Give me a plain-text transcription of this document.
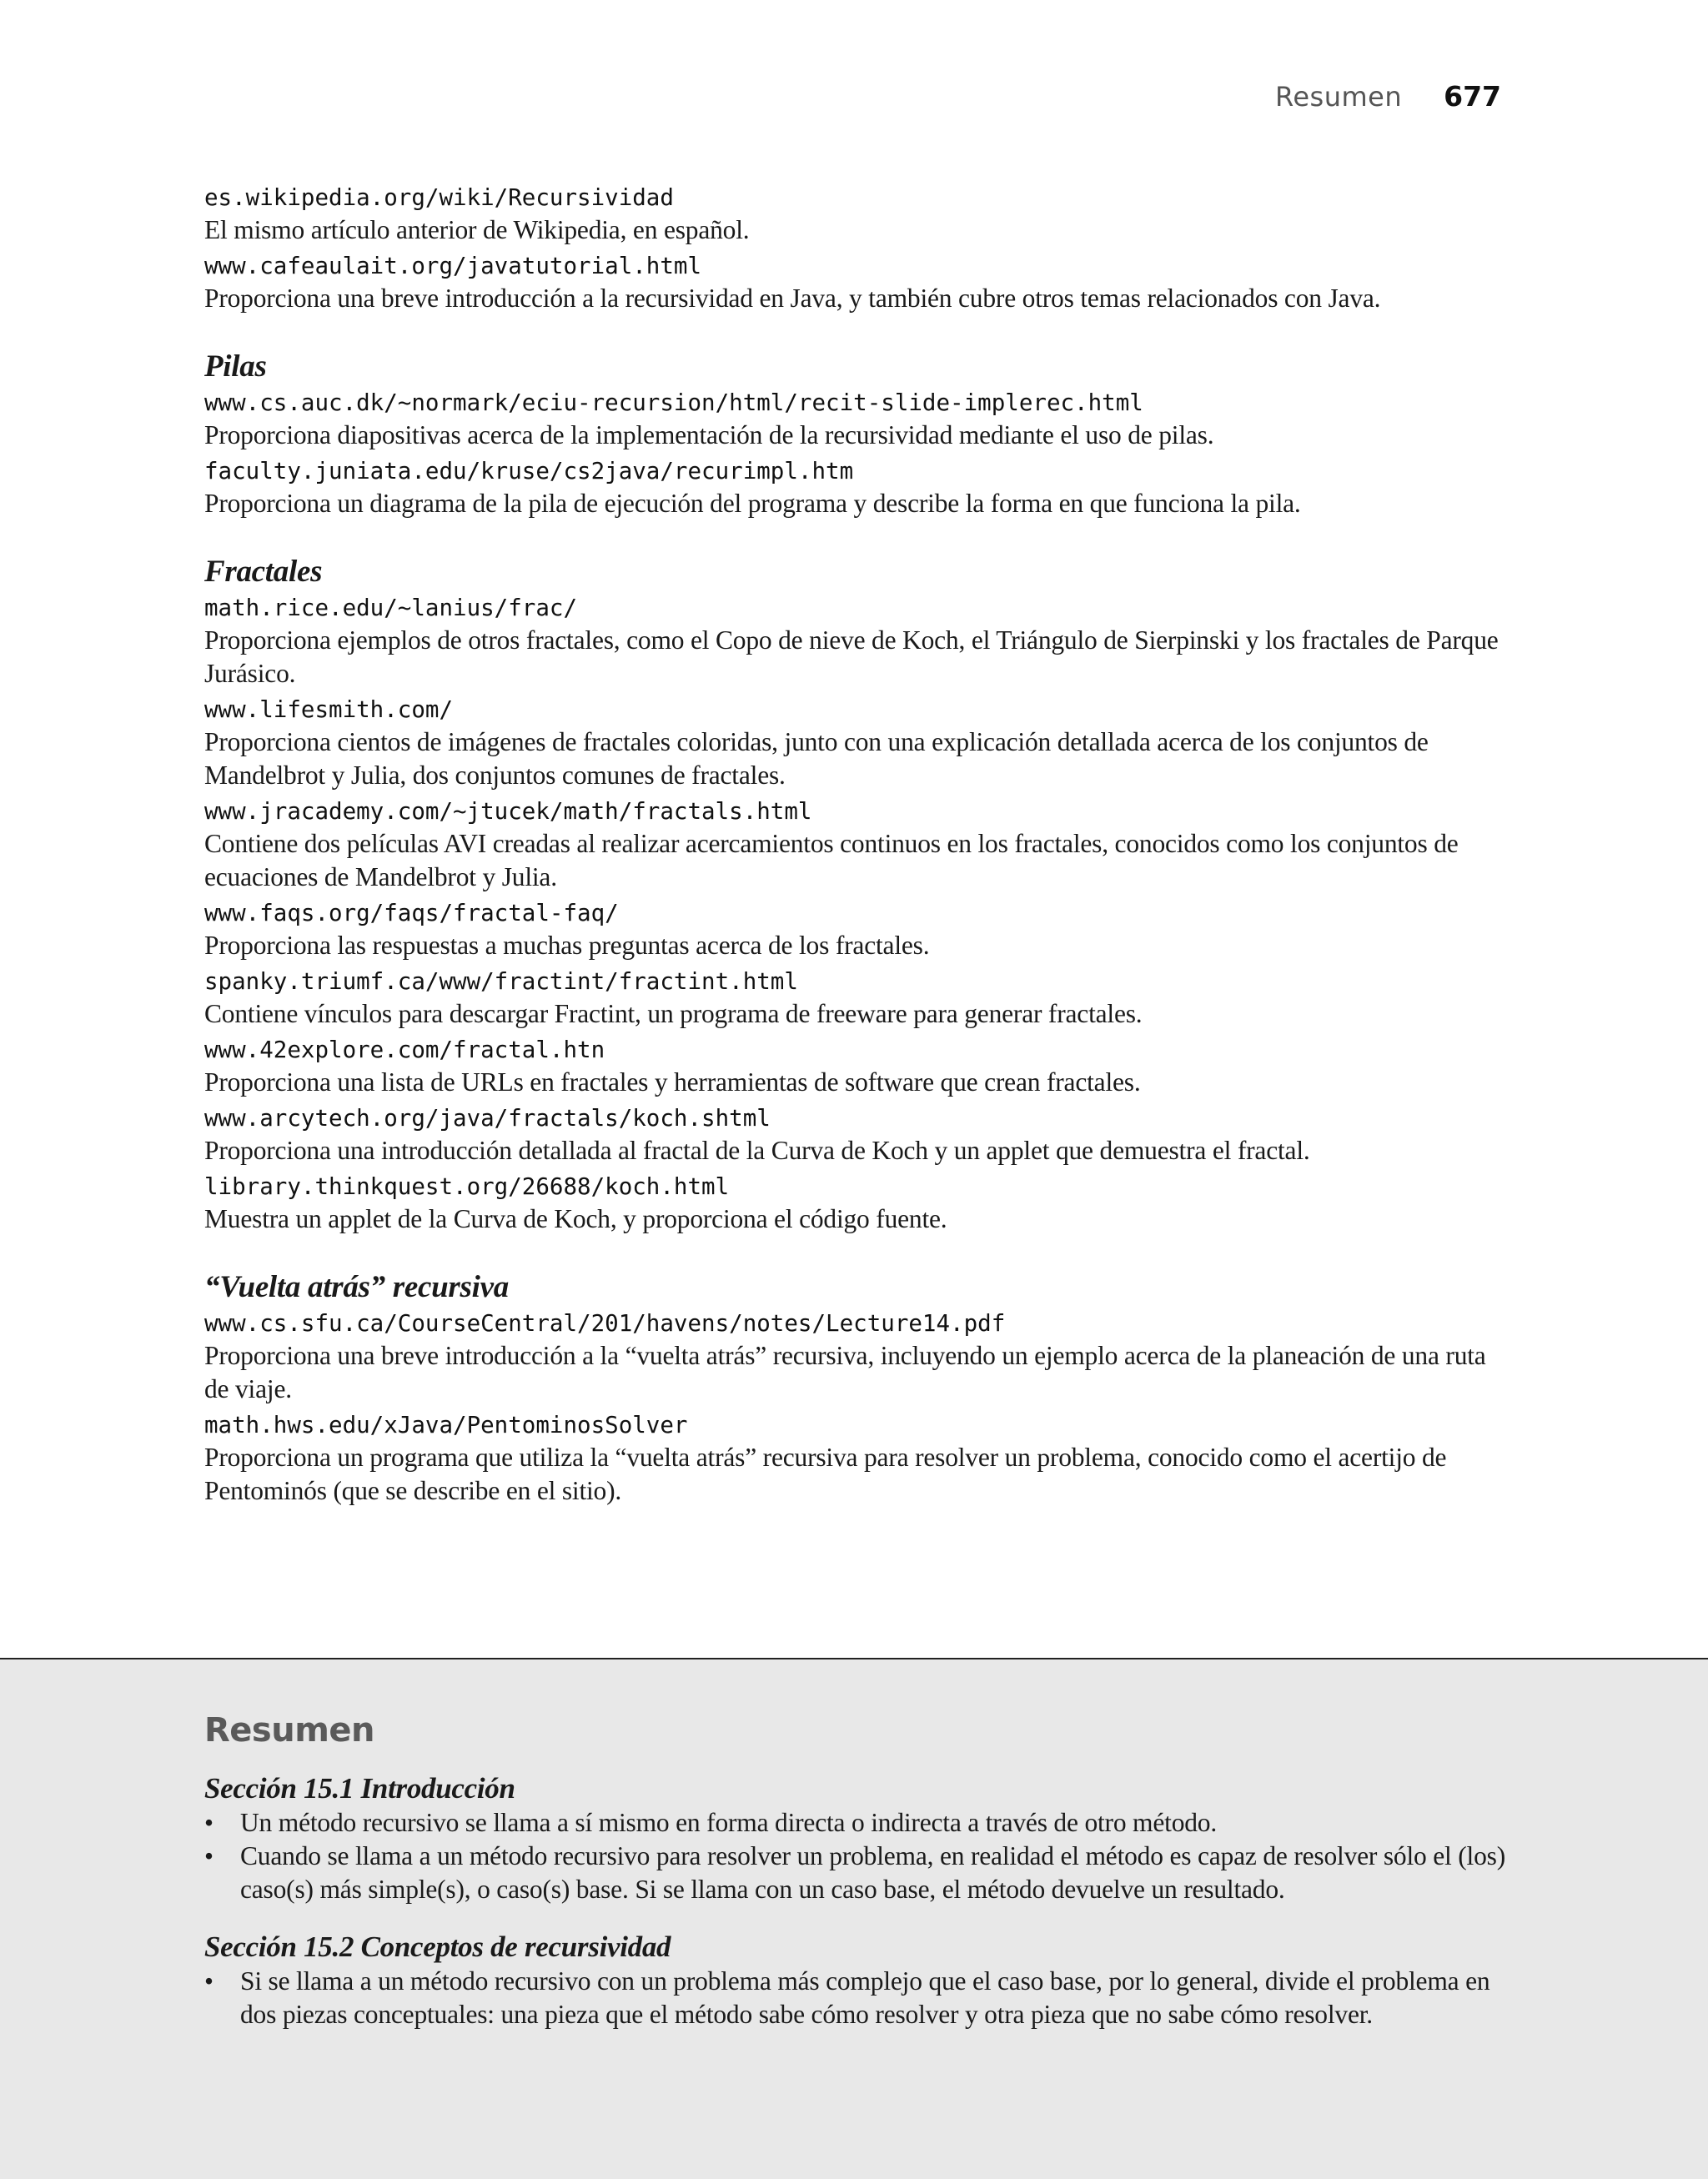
Resumen 677
es.wikipedia.org/wiki/Recursividad
El mismo artículo anterior de Wikipedia, en español.
www.cafeaulait.org/javatutorial.html
Proporciona una breve introducción a la recursividad en Java, y también cubre otros temas relacionados con Java.
Pilas
www.cs.auc.dk/~normark/eciu-recursion/html/recit-slide-implerec.html
Proporciona diapositivas acerca de la implementación de la recursividad mediante el uso de pilas.
faculty.juniata.edu/kruse/cs2java/recurimpl.htm
Proporciona un diagrama de la pila de ejecución del programa y describe la forma en que funciona la pila.
Fractales
math.rice.edu/~lanius/frac/
Proporciona ejemplos de otros fractales, como el Copo de nieve de Koch, el Triángulo de Sierpinski y los fractales de Parque Jurásico.
www.lifesmith.com/
Proporciona cientos de imágenes de fractales coloridas, junto con una explicación detallada acerca de los conjuntos de Mandelbrot y Julia, dos conjuntos comunes de fractales.
www.jracademy.com/~jtucek/math/fractals.html
Contiene dos películas AVI creadas al realizar acercamientos continuos en los fractales, conocidos como los conjuntos de ecuaciones de Mandelbrot y Julia.
www.faqs.org/faqs/fractal-faq/
Proporciona las respuestas a muchas preguntas acerca de los fractales.
spanky.triumf.ca/www/fractint/fractint.html
Contiene vínculos para descargar Fractint, un programa de freeware para generar fractales.
www.42explore.com/fractal.htn
Proporciona una lista de URLs en fractales y herramientas de software que crean fractales.
www.arcytech.org/java/fractals/koch.shtml
Proporciona una introducción detallada al fractal de la Curva de Koch y un applet que demuestra el fractal.
library.thinkquest.org/26688/koch.html
Muestra un applet de la Curva de Koch, y proporciona el código fuente.
“Vuelta atrás” recursiva
www.cs.sfu.ca/CourseCentral/201/havens/notes/Lecture14.pdf
Proporciona una breve introducción a la “vuelta atrás” recursiva, incluyendo un ejemplo acerca de la planeación de una ruta de viaje.
math.hws.edu/xJava/PentominosSolver
Proporciona un programa que utiliza la “vuelta atrás” recursiva para resolver un problema, conocido como el acertijo de Pentominós (que se describe en el sitio).
Resumen
Sección 15.1 Introducción
• Un método recursivo se llama a sí mismo en forma directa o indirecta a través de otro método.
• Cuando se llama a un método recursivo para resolver un problema, en realidad el método es capaz de resolver sólo el (los) caso(s) más simple(s), o caso(s) base. Si se llama con un caso base, el método devuelve un resultado.
Sección 15.2 Conceptos de recursividad
• Si se llama a un método recursivo con un problema más complejo que el caso base, por lo general, divide el problema en dos piezas conceptuales: una pieza que el método sabe cómo resolver y otra pieza que no sabe cómo resolver.
